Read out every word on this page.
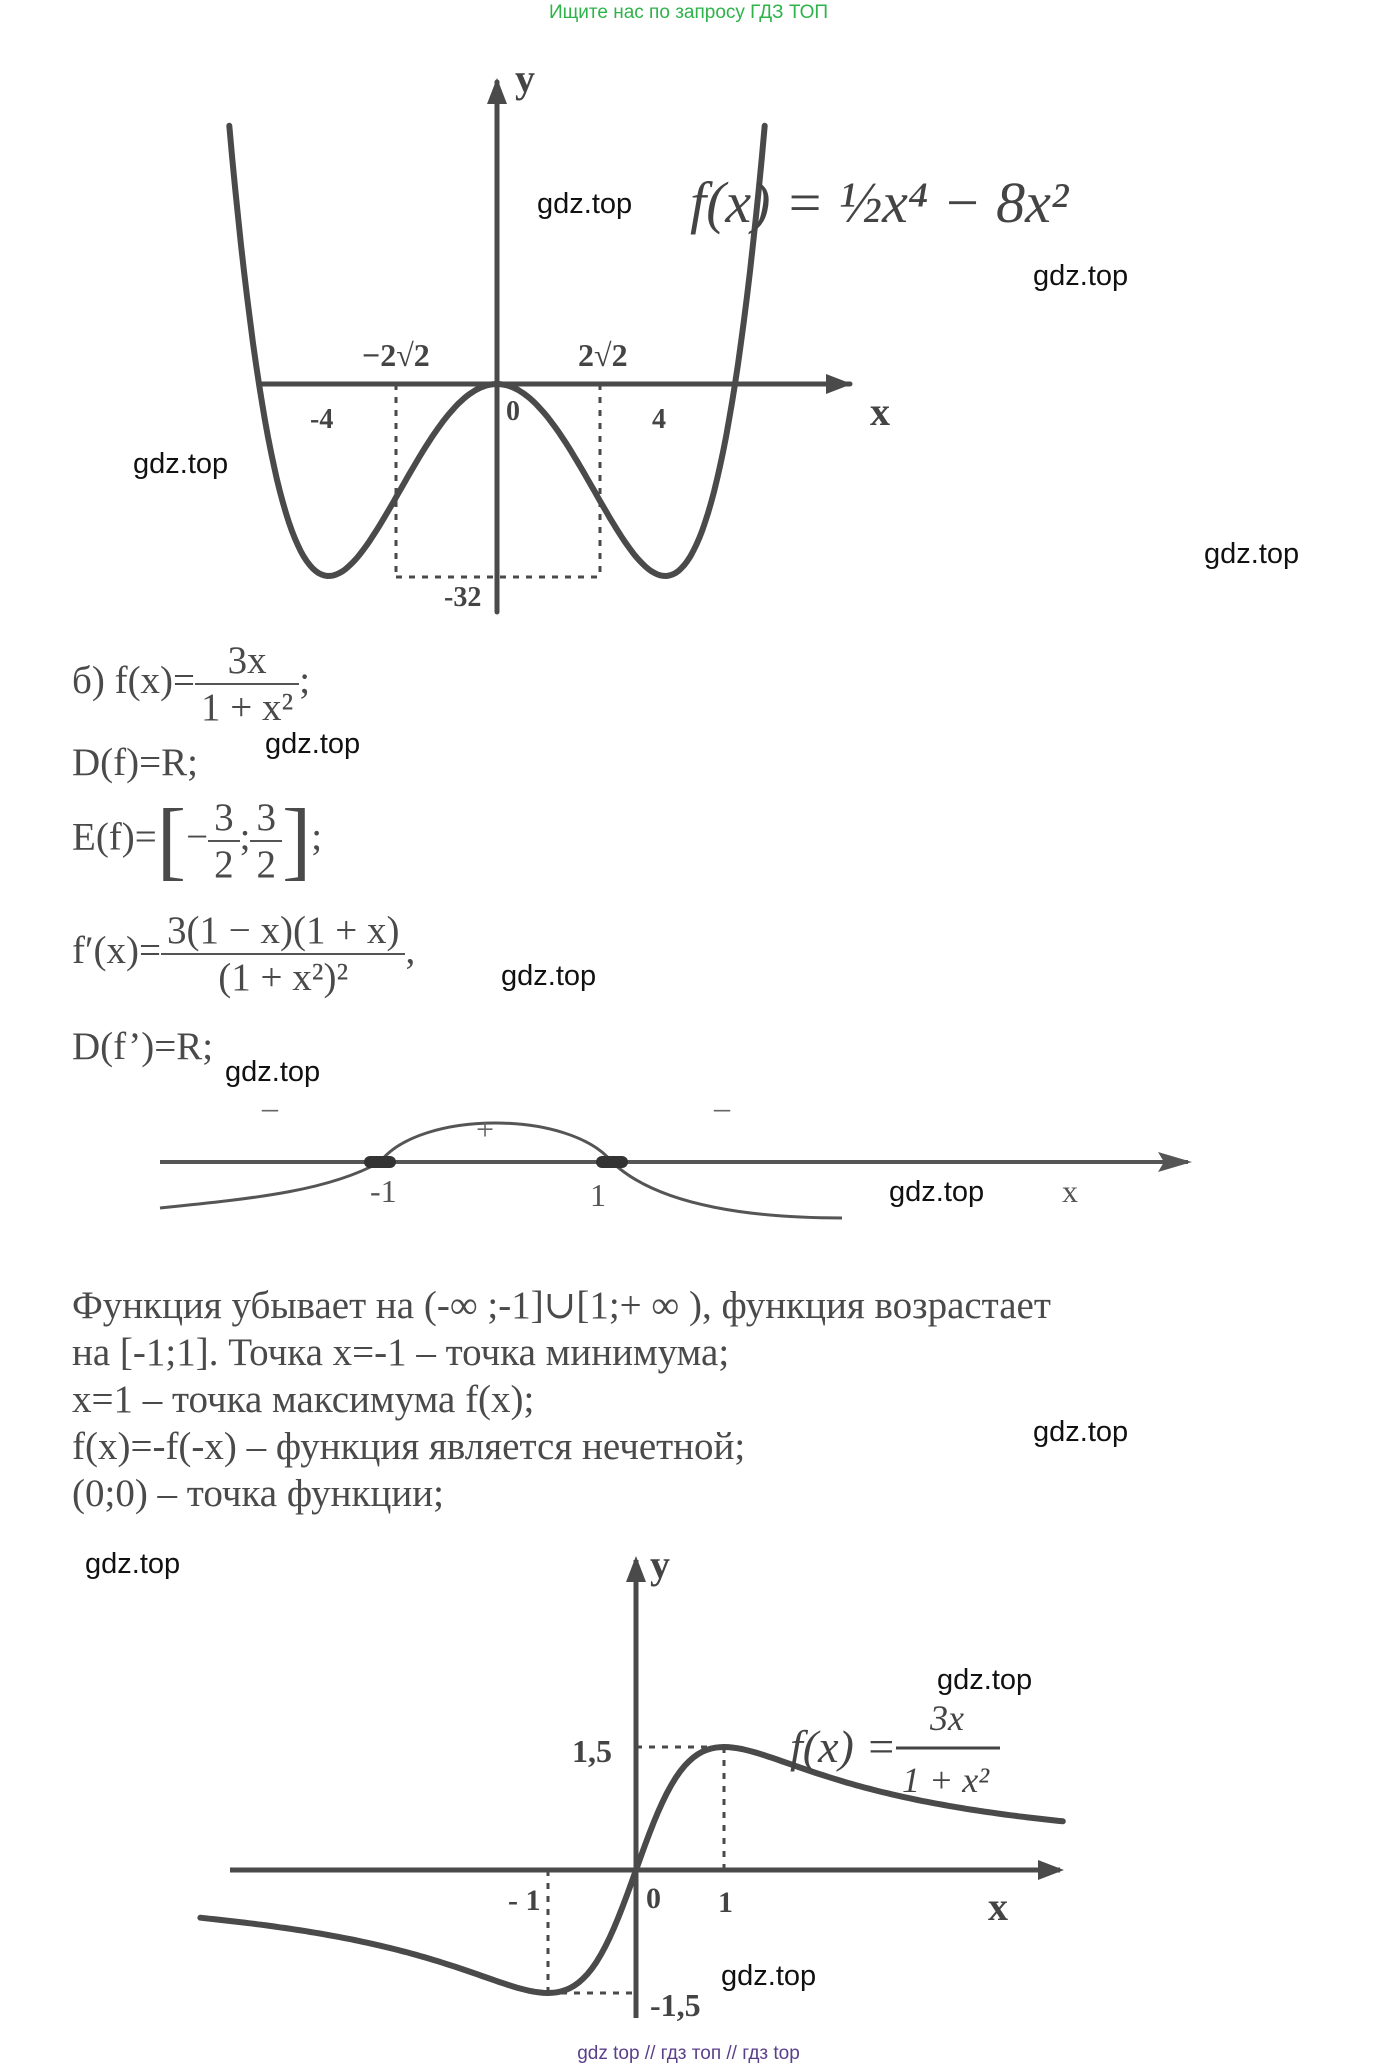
Ищите нас по запросу ГДЗ ТОП
y
x
−2√2	2√2
-4	4
0
-32
f(x) = ½x⁴ − 8x²
б) $f(x)= \frac{3x}{\text{1 + x²}}$ ;
D(f)=R;
$E(f)=[- \frac{3}{2}$ ; $\frac{3}{2}$ ];
$f'(x)= \frac{3(1 - x)(1 + x)}{\text{(1 + x²)²}}$ ,
D(f’)=R;
–
+
–
-1	1	x
Функция убывает на (-∞ ;-1]∪[1;+ ∞ ), функция возрастает
на [-1;1]. Точка x=-1 – точка минимума;
x=1 – точка максимума f(x);
f(x)=-f(-x) – функция является нечетной;
(0;0) – точка функции;
y
x
1,5
-1,5
- 1	1
0
f(x) =
3x
1 + x²
gdz.top
gdz.top
gdz.top
gdz.top
gdz.top
gdz.top
gdz.top
gdz.top
gdz.top
gdz.top
gdz.top
gdz.top
gdz top // гдз топ // гдз top
